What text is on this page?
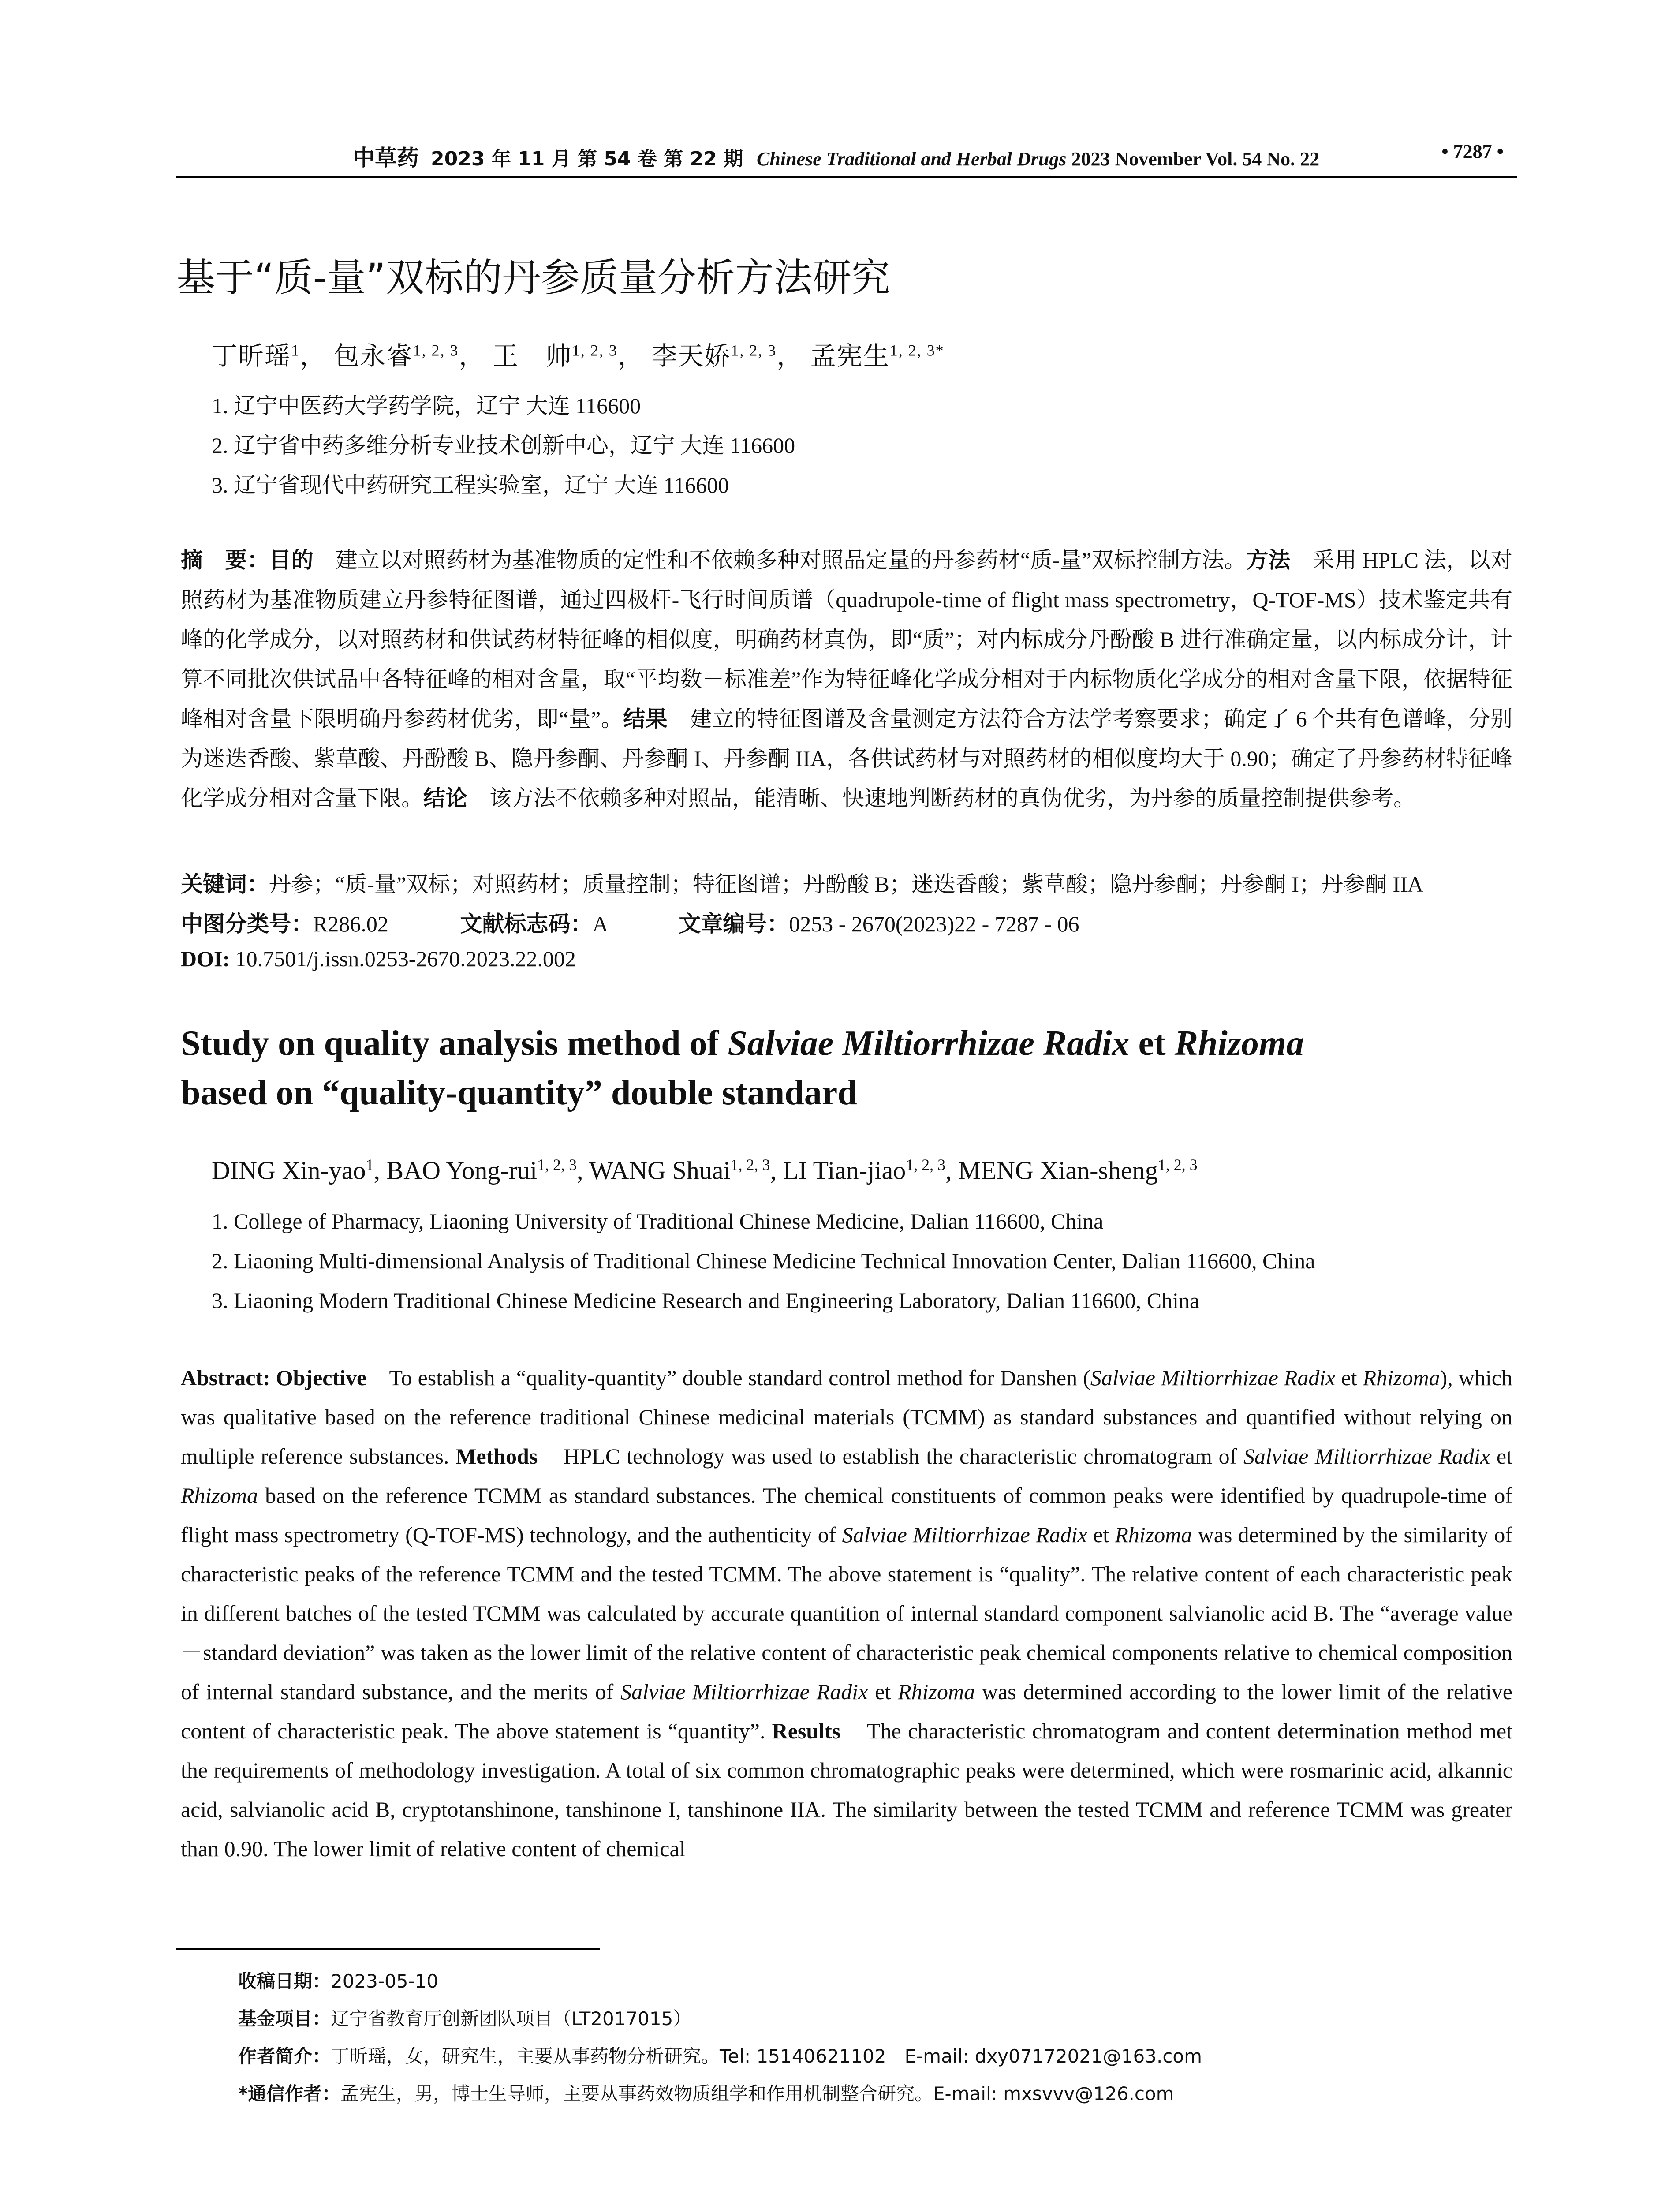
中草药 2023 年 11 月 第 54 卷 第 22 期 Chinese Traditional and Herbal Drugs 2023 November Vol. 54 No. 22	• 7287 •
基于“质-量”双标的丹参质量分析方法研究
丁昕瑶$^1$， 包永睿$^{1, 2, 3}$， 王　帅$^{1, 2, 3}$， 李天娇$^{1, 2, 3}$， 孟宪生$^{1, 2, 3*}$
1. 辽宁中医药大学药学院，辽宁 大连 116600
2. 辽宁省中药多维分析专业技术创新中心，辽宁 大连 116600
3. 辽宁省现代中药研究工程实验室，辽宁 大连 116600
摘　要：目的　 建立以对照药材为基准物质的定性和不依赖多种对照品定量的丹参药材“质-量”双标控制方法。方法　 采用 HPLC 法，以对照药材为基准物质建立丹参特征图谱，通过四极杆-飞行时间质谱（quadrupole-time of flight mass spectrometry，Q-TOF-MS）技术鉴定共有峰的化学成分，以对照药材和供试药材特征峰的相似度，明确药材真伪，即“质”；对内标成分丹酚酸 B 进行准确定量，以内标成分计，计算不同批次供试品中各特征峰的相对含量，取“平均数－标准差”作为特征峰化学成分相对于内标物质化学成分的相对含量下限，依据特征峰相对含量下限明确丹参药材优劣，即“量”。结果　 建立的特征图谱及含量测定方法符合方法学考察要求；确定了 6 个共有色谱峰，分别为迷迭香酸、紫草酸、丹酚酸 B、隐丹参酮、丹参酮 I、丹参酮 IIA，各供试药材与对照药材的相似度均大于 0.90；确定了丹参药材特征峰化学成分相对含量下限。结论　 该方法不依赖多种对照品，能清晰、快速地判断药材的真伪优劣，为丹参的质量控制提供参考。
关键词：丹参；“质-量”双标；对照药材；质量控制；特征图谱；丹酚酸 B；迷迭香酸；紫草酸；隐丹参酮；丹参酮 I；丹参酮 IIA
中图分类号：R286.02	文献标志码：A	文章编号：0253 - 2670(2023)22 - 7287 - 06
DOI: 10.7501/j.issn.0253-2670.2023.22.002
Study on quality analysis method of Salviae Miltiorrhizae Radix et Rhizoma
based on “quality-quantity” double standard
DING Xin-yao$^1$, BAO Yong-rui$^{1, 2, 3}$, WANG Shuai$^{1, 2, 3}$, LI Tian-jiao$^{1, 2, 3}$, MENG Xian-sheng$^{1, 2, 3}$
1. College of Pharmacy, Liaoning University of Traditional Chinese Medicine, Dalian 116600, China
2. Liaoning Multi-dimensional Analysis of Traditional Chinese Medicine Technical Innovation Center, Dalian 116600, China
3. Liaoning Modern Traditional Chinese Medicine Research and Engineering Laboratory, Dalian 116600, China
Abstract: Objective To establish a “quality-quantity” double standard control method for Danshen (Salviae Miltiorrhizae Radix et Rhizoma), which was qualitative based on the reference traditional Chinese medicinal materials (TCMM) as standard substances and quantified without relying on multiple reference substances. Methods HPLC technology was used to establish the characteristic chromatogram of Salviae Miltiorrhizae Radix et Rhizoma based on the reference TCMM as standard substances. The chemical constituents of common peaks were identified by quadrupole-time of flight mass spectrometry (Q-TOF-MS) technology, and the authenticity of Salviae Miltiorrhizae Radix et Rhizoma was determined by the similarity of characteristic peaks of the reference TCMM and the tested TCMM. The above statement is “quality”. The relative content of each characteristic peak in different batches of the tested TCMM was calculated by accurate quantition of internal standard component salvianolic acid B. The “average value－standard deviation” was taken as the lower limit of the relative content of characteristic peak chemical components relative to chemical composition of internal standard substance, and the merits of Salviae Miltiorrhizae Radix et Rhizoma was determined according to the lower limit of the relative content of characteristic peak. The above statement is “quantity”. Results The characteristic chromatogram and content determination method met the requirements of methodology investigation. A total of six common chromatographic peaks were determined, which were rosmarinic acid, alkannic acid, salvianolic acid B, cryptotanshinone, tanshinone I, tanshinone IIA. The similarity between the tested TCMM and reference TCMM was greater than 0.90. The lower limit of relative content of chemical
收稿日期：2023-05-10
基金项目：辽宁省教育厅创新团队项目（LT2017015）
作者简介：丁昕瑶，女，研究生，主要从事药物分析研究。Tel: 15140621102　E-mail: dxy07172021@163.com
*通信作者：孟宪生，男，博士生导师，主要从事药效物质组学和作用机制整合研究。E-mail: mxsvvv@126.com
